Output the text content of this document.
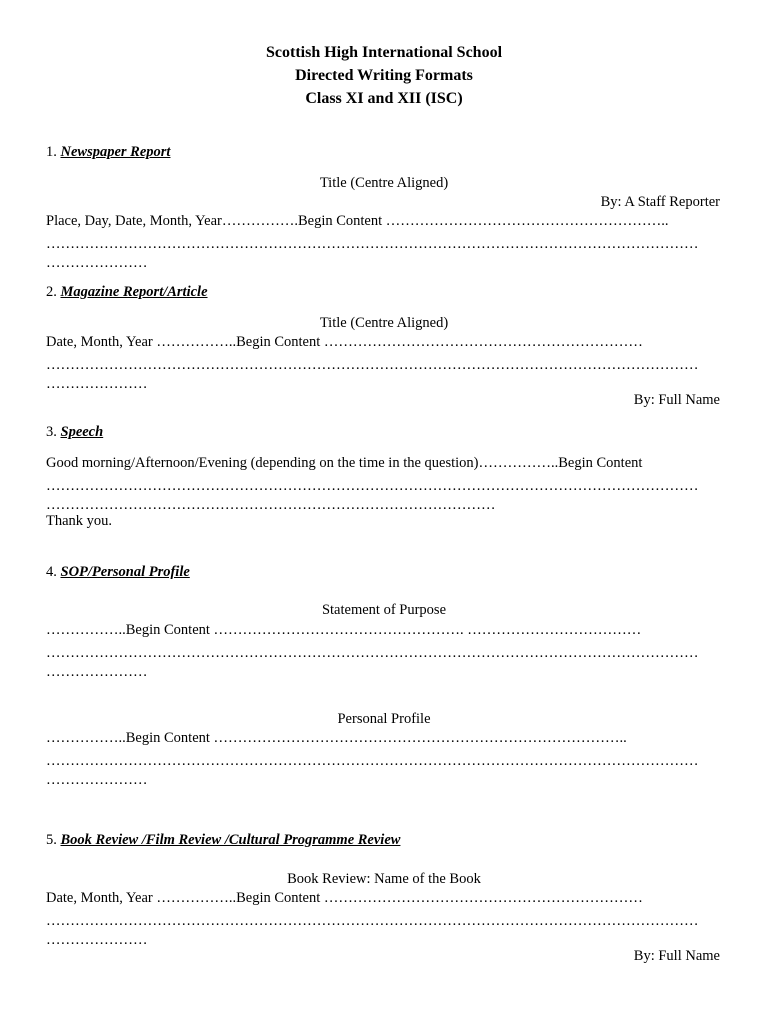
Scottish High International School
Directed Writing Formats
Class XI and XII (ISC)
1. Newspaper Report
Title (Centre Aligned)
By: A Staff Reporter
Place, Day, Date, Month, Year…………….Begin Content …………………………………………………..
………………………………………………………………………………………………………………………
…………………
2. Magazine Report/Article
Title (Centre Aligned)
Date, Month, Year ……………..Begin Content …………………………………………………………
………………………………………………………………………………………………………………………
…………………
By: Full Name
3. Speech
Good morning/Afternoon/Evening (depending on the time in the question)……………..Begin Content
………………………………………………………………………………………………………………………
…………………………………………………………………………………
Thank you.
4. SOP/Personal Profile
Statement of Purpose
……………..Begin Content ……………………………………………. ………………………………
………………………………………………………………………………………………………………………
…………………
Personal Profile
……………..Begin Content …………………………………………………………………………..
………………………………………………………………………………………………………………………
…………………
5. Book Review /Film Review /Cultural Programme Review
Book Review: Name of the Book
Date, Month, Year ……………..Begin Content …………………………………………………………
………………………………………………………………………………………………………………………
…………………
By: Full Name
